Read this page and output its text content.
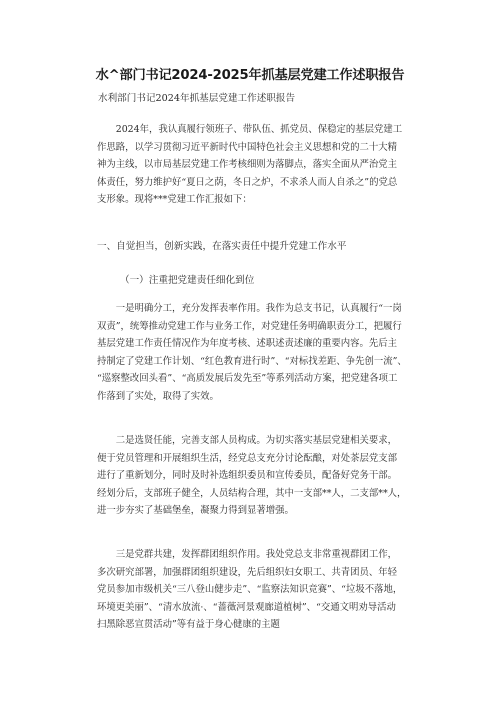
水^部门书记2024-2025年抓基层党建工作述职报告
水利部门书记2024年抓基层党建工作述职报告
　　2024年，我认真履行领班子、带队伍、抓党员、保稳定的基层党建工
作思路，以学习贯彻习近平新时代中国特色社会主义思想和党的二十大精
神为主线，以市局基层党建工作考核细则为落脚点，落实全面从严治党主
体责任，努力维护好“夏日之荫，冬日之炉，不求杀人而人自杀之”的党总
支形象。现将***党建工作汇报如下：
一、自觉担当，创新实践，在落实责任中提升党建工作水平
（一）注重把党建责任细化到位
　　一是明确分工，充分发挥表率作用。我作为总支书记，认真履行“一岗
双责”，统筹推动党建工作与业务工作，对党建任务明确职责分工，把履行
基层党建工作责任情况作为年度考核、述职述责述廉的重要内容。先后主
持制定了党建工作计划、“红色教育进行时”、“对标找差距、争先创一流”、
“巡察整改回头看”、“高质发展后发先至”等系列活动方案，把党建各项工
作落到了实处，取得了实效。
　　二是选贤任能，完善支部人员构成。为切实落实基层党建相关要求，
便于党员管理和开展组织生活，经党总支充分讨论酝酿，对处茶层党支部
进行了重新划分，同时及时补选组织委员和宣传委员，配备好党务干部。
经划分后，支部班子健全，人员结构合理，其中一支部**人，二支部**人，
进一步夯实了基础堡垒，凝聚力得到显著增强。
　　三是党群共建，发挥群团组织作用。我处党总支非常重视群团工作，
多次研究部署，加强群团组织建设，先后组织妇女职工、共青团员、年轻
党员参加市级机关“三八登山健步走”、“监察法知识竞赛”、“垃圾不落地，
环境更美丽”、“清水放流·、“蔷薇河景观廊道植树”、“交通文明劝导活动
扫黑除恶宣贯活动”等有益于身心健康的主题
